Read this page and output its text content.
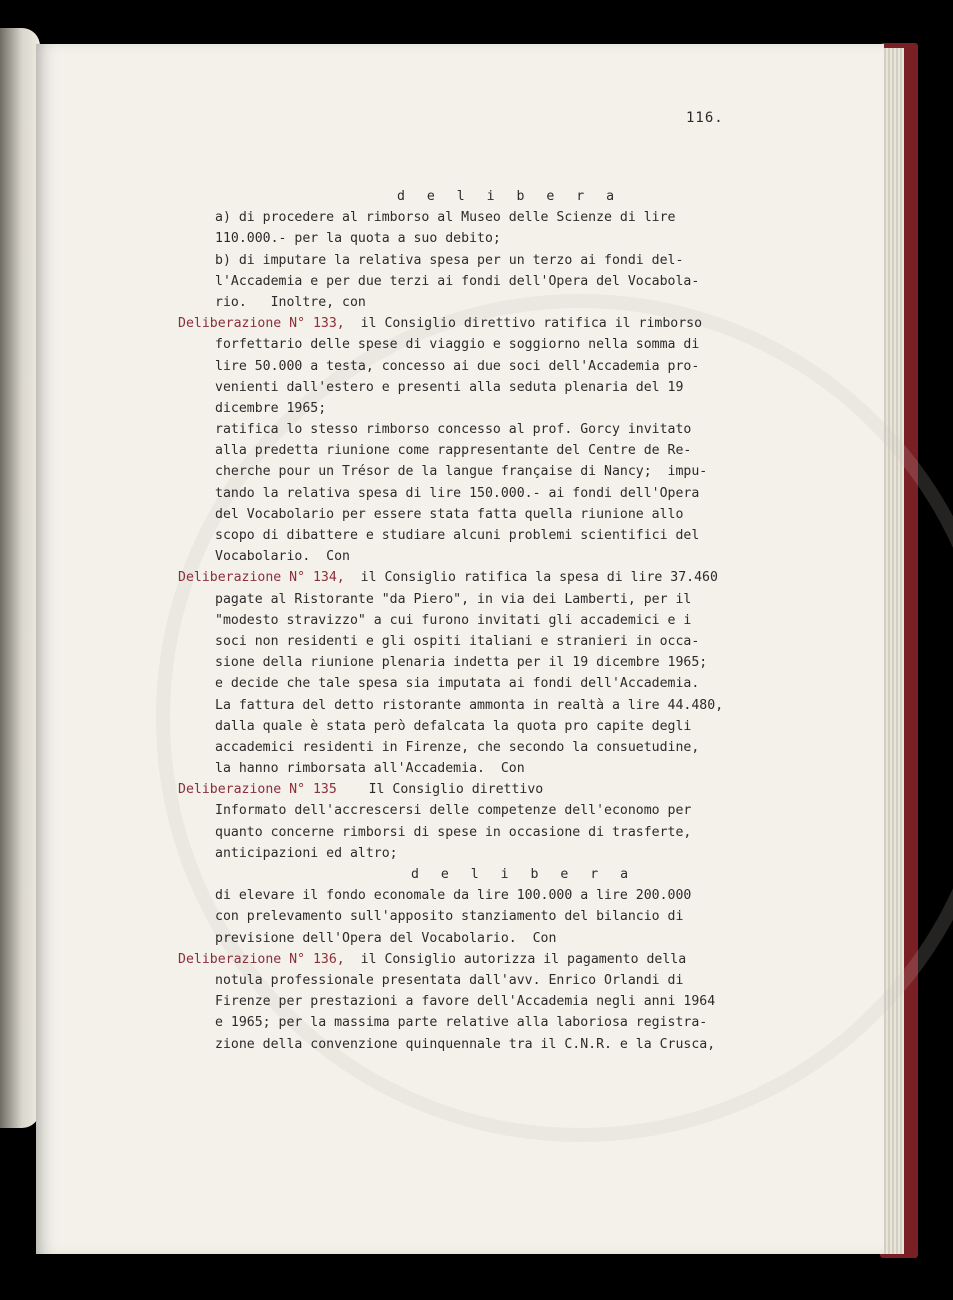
116.
d e l i b e r a
a) di procedere al rimborso al Museo delle Scienze di lire
110.000.- per la quota a suo debito;
b) di imputare la relativa spesa per un terzo ai fondi del-
l'Accademia e per due terzi ai fondi dell'Opera del Vocabola-
rio.   Inoltre, con
Deliberazione N° 133, il Consiglio direttivo ratifica il rimborso
forfettario delle spese di viaggio e soggiorno nella somma di
lire 50.000 a testa, concesso ai due soci dell'Accademia pro-
venienti dall'estero e presenti alla seduta plenaria del 19
dicembre 1965;
ratifica lo stesso rimborso concesso al prof. Gorcy invitato
alla predetta riunione come rappresentante del Centre de Re-
cherche pour un Trésor de la langue française di Nancy;  impu-
tando la relativa spesa di lire 150.000.- ai fondi dell'Opera
del Vocabolario per essere stata fatta quella riunione allo
scopo di dibattere e studiare alcuni problemi scientifici del
Vocabolario.  Con
Deliberazione N° 134, il Consiglio ratifica la spesa di lire 37.460
pagate al Ristorante "da Piero", in via dei Lamberti, per il
"modesto stravizzo" a cui furono invitati gli accademici e i
soci non residenti e gli ospiti italiani e stranieri in occa-
sione della riunione plenaria indetta per il 19 dicembre 1965;
e decide che tale spesa sia imputata ai fondi dell'Accademia.
La fattura del detto ristorante ammonta in realtà a lire 44.480,
dalla quale è stata però defalcata la quota pro capite degli
accademici residenti in Firenze, che secondo la consuetudine,
la hanno rimborsata all'Accademia.  Con
Deliberazione N° 135    Il Consiglio direttivo
Informato dell'accrescersi delle competenze dell'economo per
quanto concerne rimborsi di spese in occasione di trasferte,
anticipazioni ed altro;
d e l i b e r a
di elevare il fondo economale da lire 100.000 a lire 200.000
con prelevamento sull'apposito stanziamento del bilancio di
previsione dell'Opera del Vocabolario.  Con
Deliberazione N° 136, il Consiglio autorizza il pagamento della
notula professionale presentata dall'avv. Enrico Orlandi di
Firenze per prestazioni a favore dell'Accademia negli anni 1964
e 1965; per la massima parte relative alla laboriosa registra-
zione della convenzione quinquennale tra il C.N.R. e la Crusca,
